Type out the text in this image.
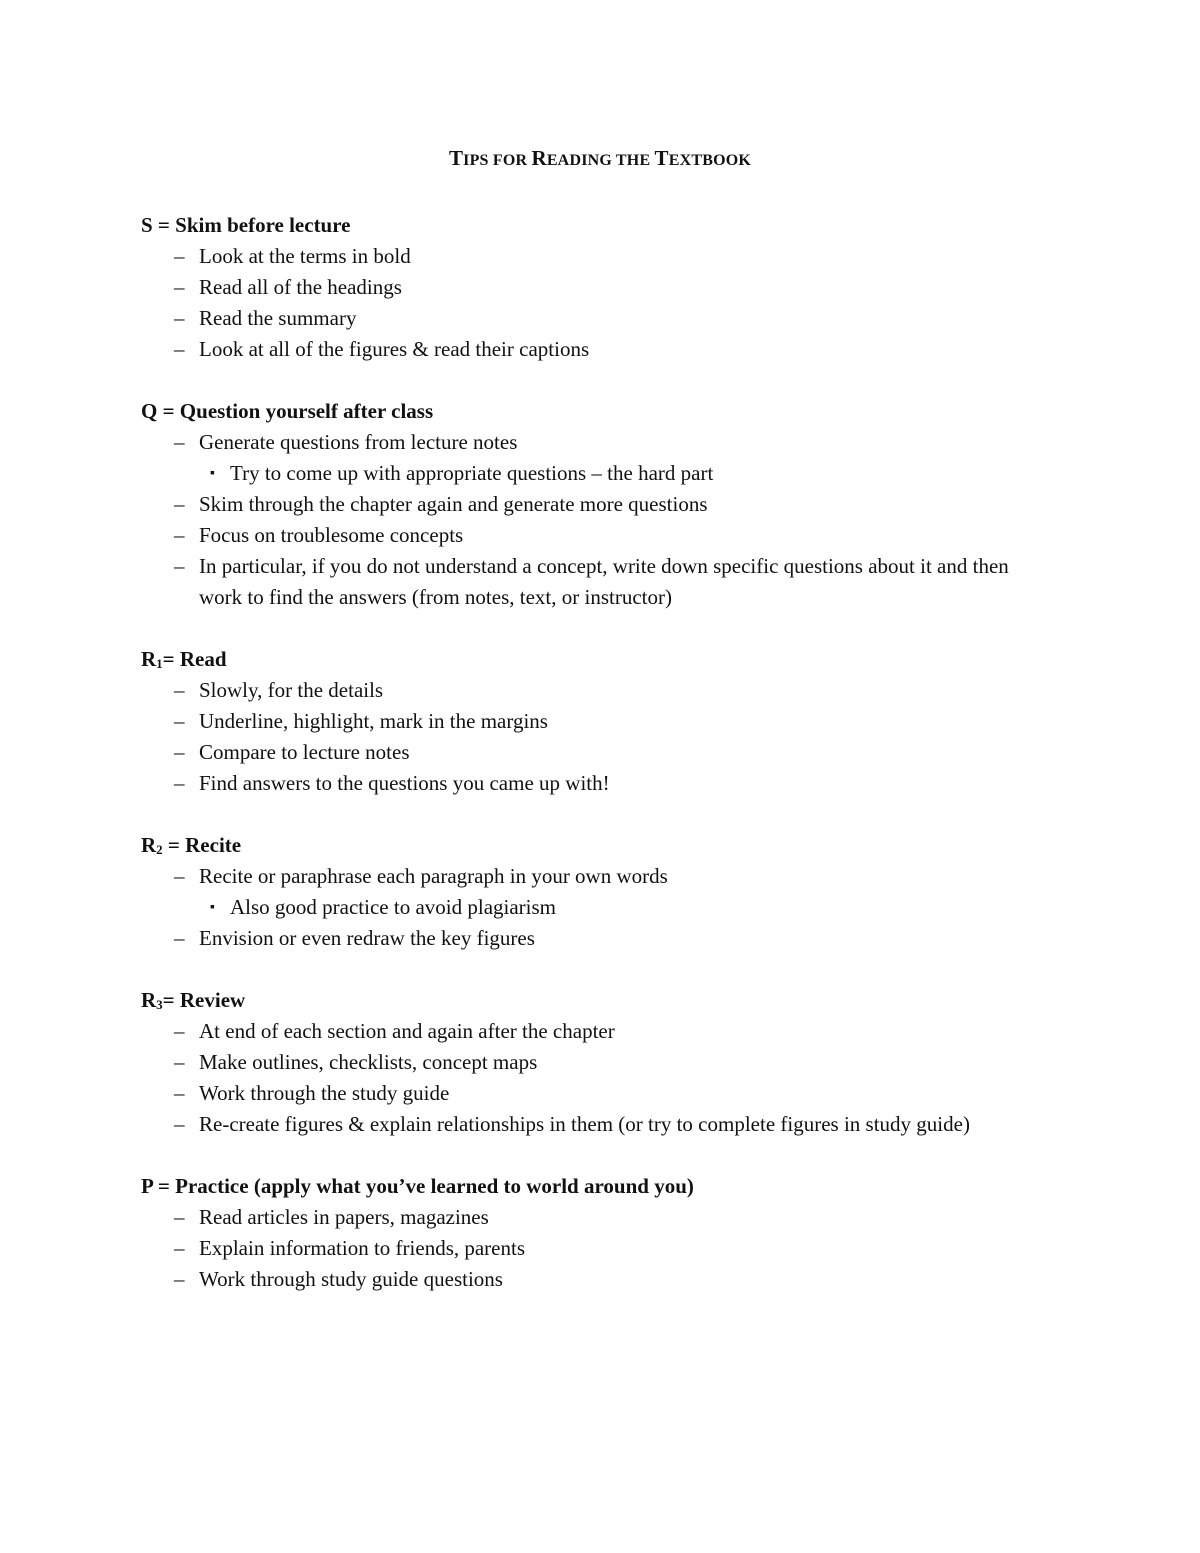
TIPS FOR READING THE TEXTBOOK
S = Skim before lecture
– Look at the terms in bold
– Read all of the headings
– Read the summary
– Look at all of the figures & read their captions
Q = Question yourself after class
– Generate questions from lecture notes
▪ Try to come up with appropriate questions – the hard part
– Skim through the chapter again and generate more questions
– Focus on troublesome concepts
– In particular, if you do not understand a concept, write down specific questions about it and then work to find the answers (from notes, text, or instructor)
$R_1=$ Read
– Slowly, for the details
– Underline, highlight, mark in the margins
– Compare to lecture notes
– Find answers to the questions you came up with!
$R_2$ = Recite
– Recite or paraphrase each paragraph in your own words
▪ Also good practice to avoid plagiarism
– Envision or even redraw the key figures
$R_3=$ Review
– At end of each section and again after the chapter
– Make outlines, checklists, concept maps
– Work through the study guide
– Re-create figures & explain relationships in them (or try to complete figures in study guide)
P = Practice (apply what you’ve learned to world around you)
– Read articles in papers, magazines
– Explain information to friends, parents
– Work through study guide questions
